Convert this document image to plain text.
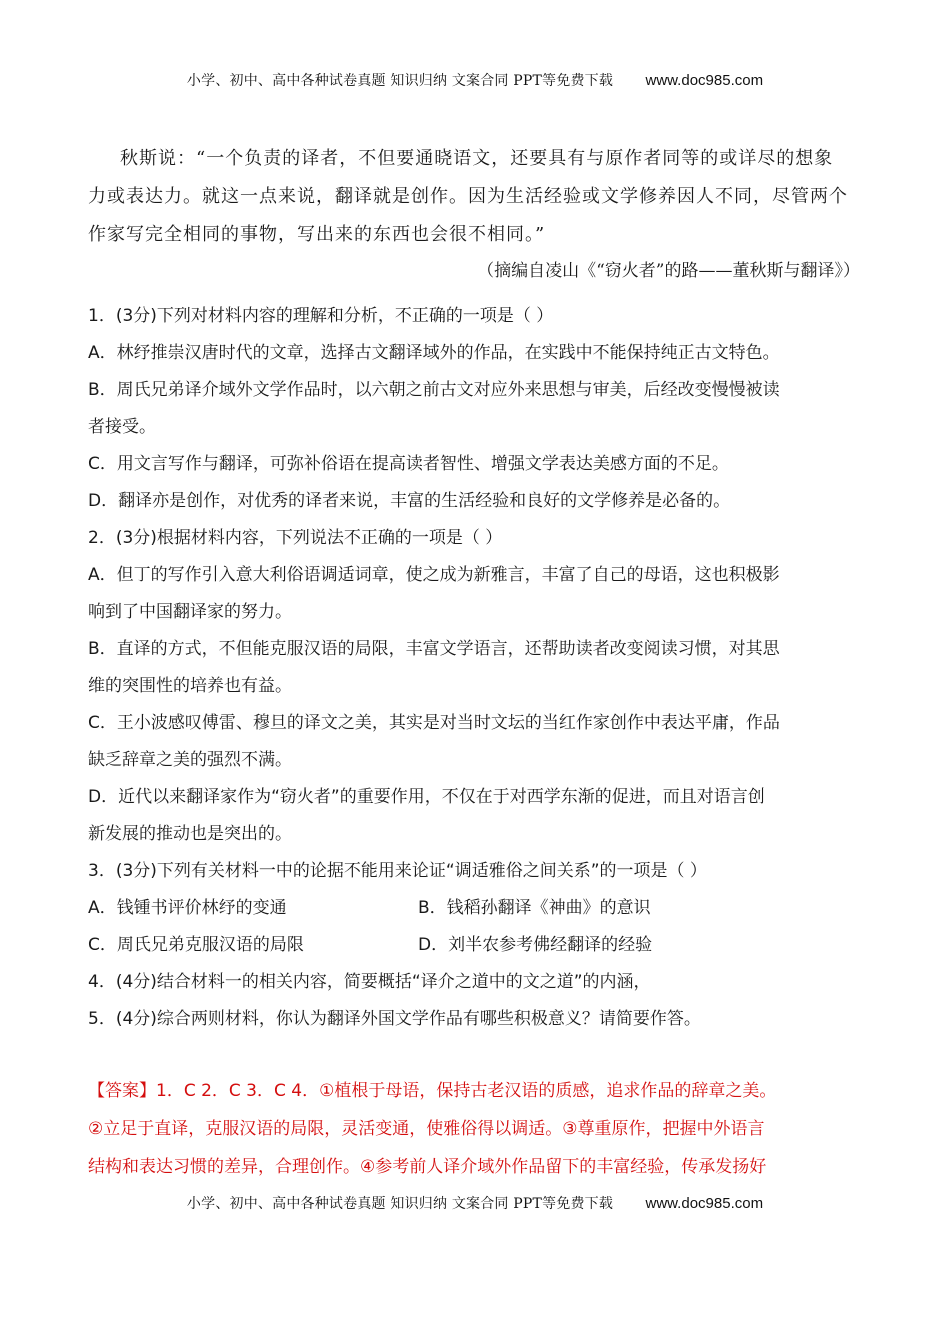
小学、初中、高中各种试卷真题 知识归纳 文案合同 PPT等免费下载 www.doc985.com
秋斯说：“一个负责的译者，不但要通晓语文，还要具有与原作者同等的或详尽的想象
力或表达力。就这一点来说，翻译就是创作。因为生活经验或文学修养因人不同，尽管两个
作家写完全相同的事物，写出来的东西也会很不相同。”
（摘编自凌山《“窃火者”的路——董秋斯与翻译》）
1．(3分)下列对材料内容的理解和分析，不正确的一项是（ ）
A．林纾推崇汉唐时代的文章，选择古文翻译域外的作品，在实践中不能保持纯正古文特色。
B．周氏兄弟译介域外文学作品时，以六朝之前古文对应外来思想与审美，后经改变慢慢被读
者接受。
C．用文言写作与翻译，可弥补俗语在提高读者智性、增强文学表达美感方面的不足。
D．翻译亦是创作，对优秀的译者来说，丰富的生活经验和良好的文学修养是必备的。
2．(3分)根据材料内容，下列说法不正确的一项是（ ）
A．但丁的写作引入意大利俗语调适词章，使之成为新雅言，丰富了自己的母语，这也积极影
响到了中国翻译家的努力。
B．直译的方式，不但能克服汉语的局限，丰富文学语言，还帮助读者改变阅读习惯，对其思
维的突围性的培养也有益。
C．王小波感叹傅雷、穆旦的译文之美，其实是对当时文坛的当红作家创作中表达平庸，作品
缺乏辞章之美的强烈不满。
D．近代以来翻译家作为“窃火者”的重要作用，不仅在于对西学东渐的促进，而且对语言创
新发展的推动也是突出的。
3．(3分)下列有关材料一中的论据不能用来论证“调适雅俗之间关系”的一项是（ ）
A．钱锺书评价林纾的变通	B．钱稻孙翻译《神曲》的意识
C．周氏兄弟克服汉语的局限	D．刘半农参考佛经翻译的经验
4．(4分)结合材料一的相关内容，简要概括“译介之道中的文之道”的内涵，
5．(4分)综合两则材料，你认为翻译外国文学作品有哪些积极意义？请简要作答。
【答案】1．C 2．C 3．C 4．①植根于母语，保持古老汉语的质感，追求作品的辞章之美。
②立足于直译，克服汉语的局限，灵活变通，使雅俗得以调适。③尊重原作，把握中外语言
结构和表达习惯的差异，合理创作。④参考前人译介域外作品留下的丰富经验，传承发扬好
小学、初中、高中各种试卷真题 知识归纳 文案合同 PPT等免费下载 www.doc985.com
